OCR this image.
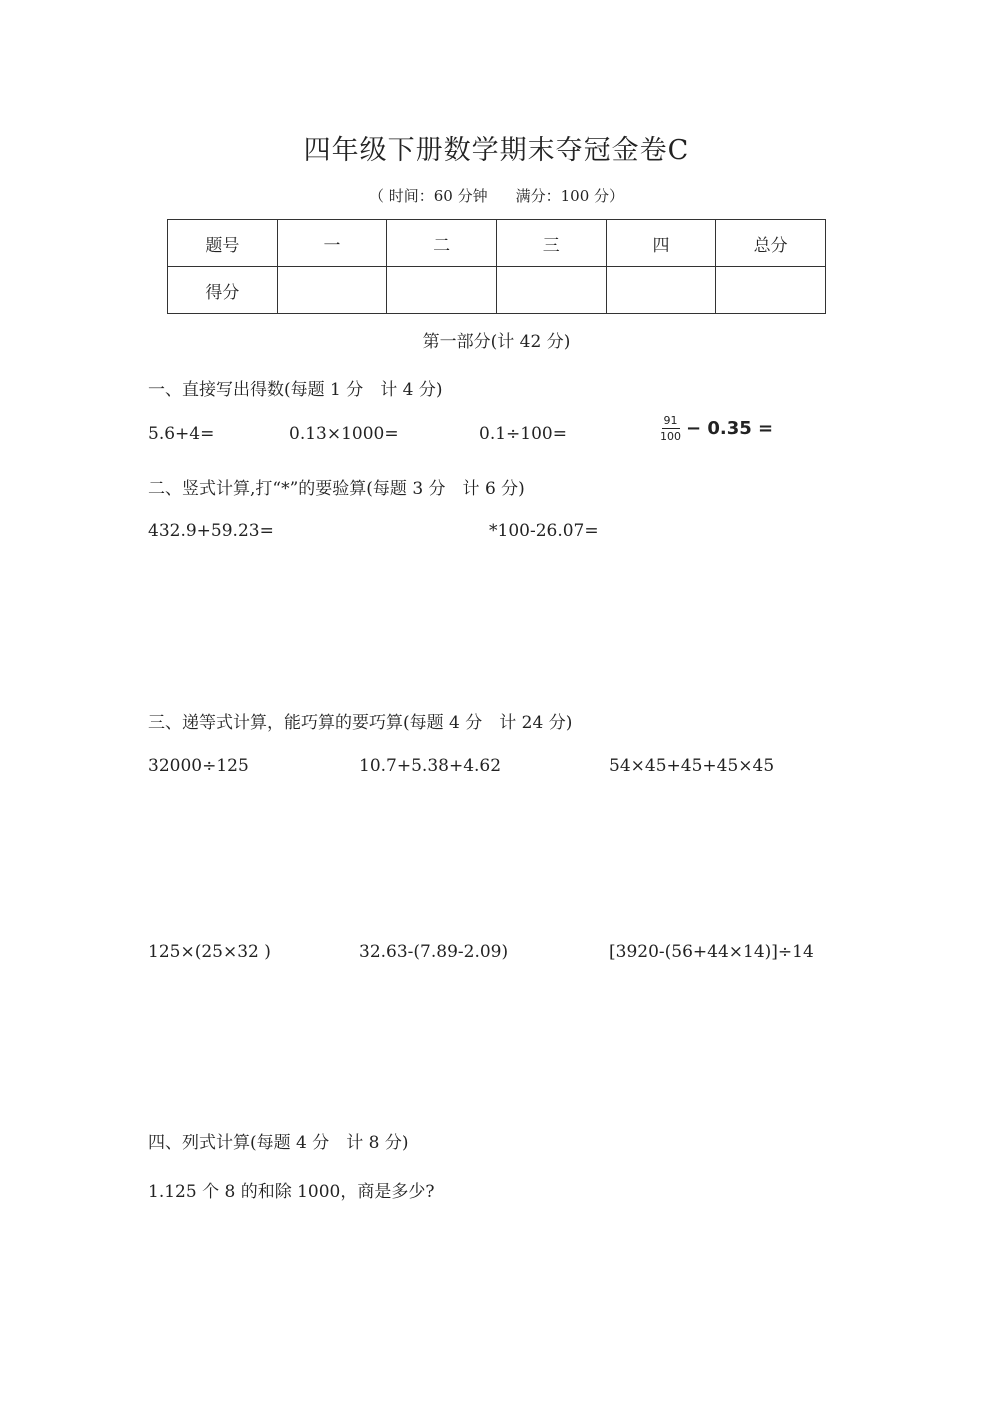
四年级下册数学期末夺冠金卷C
（ 时间：60 分钟 满分：100 分）
题号	一	二	三	四	总分
得分					
第一部分(计 42 分)
一、直接写出得数(每题 1 分　计 4 分)
5.6+4=	0.13×1000=	0.1÷100=	$\frac{91}{100} - 0.35$ =
二、竖式计算,打“*”的要验算(每题 3 分　计 6 分)
432.9+59.23=	*100-26.07=
三、递等式计算，能巧算的要巧算(每题 4 分　计 24 分)
32000÷125	10.7+5.38+4.62	54×45+45+45×45
125×(25×32 )	32.63-(7.89-2.09)	[3920-(56+44×14)]÷14
四、列式计算(每题 4 分　计 8 分)
1.125 个 8 的和除 1000，商是多少?
